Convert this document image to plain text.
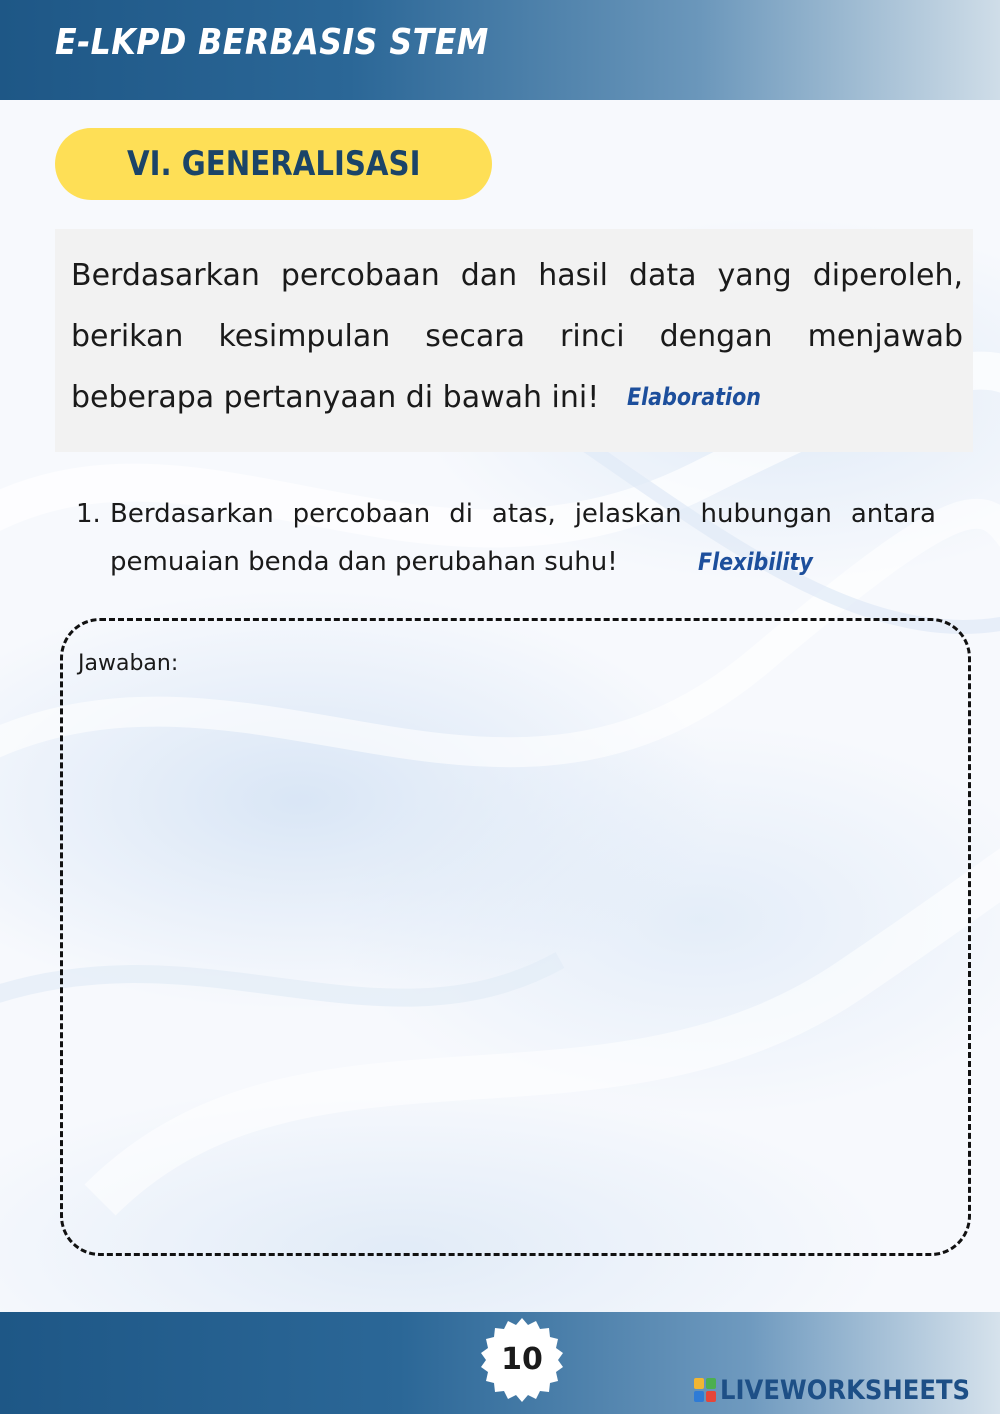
E-LKPD BERBASIS STEM
VI. GENERALISASI
Berdasarkan percobaan dan hasil data yang diperoleh, berikan kesimpulan secara rinci dengan menjawab beberapa pertanyaan di bawah ini! Elaboration
1. Berdasarkan percobaan di atas, jelaskan hubungan antara pemuaian benda dan perubahan suhu!	Flexibility
Jawaban:
10
LIVEWORKSHEETS
